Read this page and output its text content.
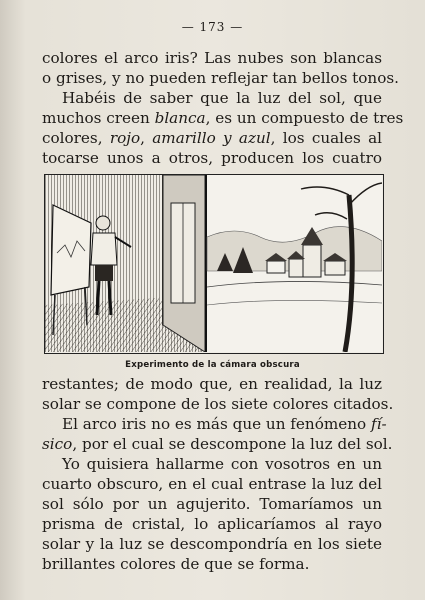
— 173 —
colores el arco iris? Las nubes son blancas
o grises, y no pueden reflejar tan bellos tonos.
Habéis de saber que la luz del sol, que
muchos creen blanca, es un compuesto de tres
colores, rojo, amarillo y azul, los cuales al
tocarse unos a otros, producen los cuatro
Experimento de la cámara obscura
restantes; de modo que, en realidad, la luz
solar se compone de los siete colores citados.
El arco iris no es más que un fenómeno fí-
sico, por el cual se descompone la luz del sol.
Yo quisiera hallarme con vosotros en un
cuarto obscuro, en el cual entrase la luz del
sol sólo por un agujerito. Tomaríamos un
prisma de cristal, lo aplicaríamos al rayo
solar y la luz se descompondría en los siete
brillantes colores de que se forma.
